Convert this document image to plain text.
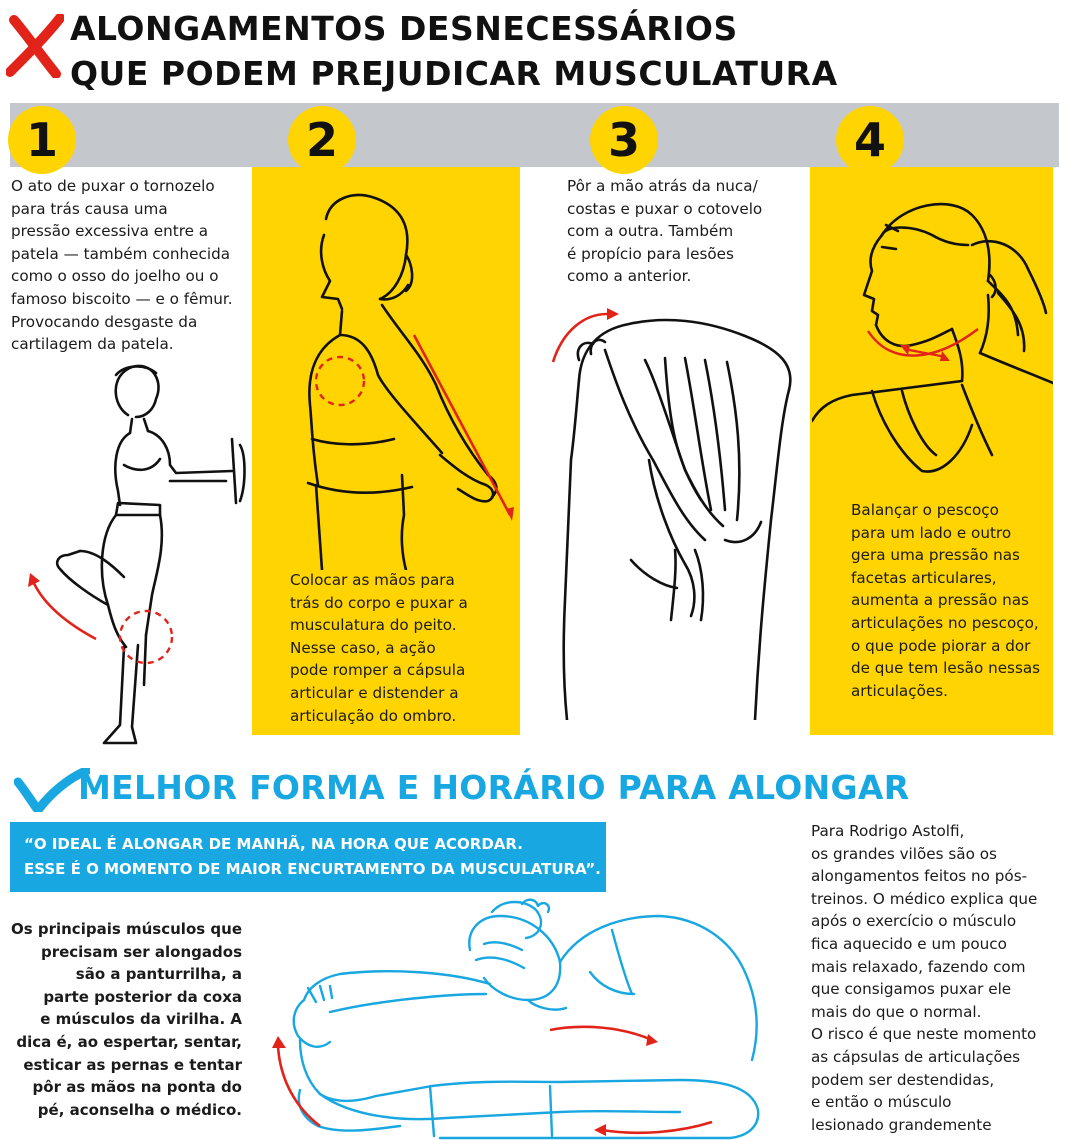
ALONGAMENTOS DESNECESSÁRIOS
QUE PODEM PREJUDICAR MUSCULATURA
1	2	3	4
O ato de puxar o tornozelo
para trás causa uma
pressão excessiva entre a
patela — também conhecida
como o osso do joelho ou o
famoso biscoito — e o fêmur.
Provocando desgaste da
cartilagem da patela.
Colocar as mãos para
trás do corpo e puxar a
musculatura do peito.
Nesse caso, a ação
pode romper a cápsula
articular e distender a
articulação do ombro.
Pôr a mão atrás da nuca/
costas e puxar o cotovelo
com a outra. Também
é propício para lesões
como a anterior.
Balançar o pescoço
para um lado e outro
gera uma pressão nas
facetas articulares,
aumenta a pressão nas
articulações no pescoço,
o que pode piorar a dor
de que tem lesão nessas
articulações.
MELHOR FORMA E HORÁRIO PARA ALONGAR
“O IDEAL É ALONGAR DE MANHÃ, NA HORA QUE ACORDAR.
ESSE É O MOMENTO DE MAIOR ENCURTAMENTO DA MUSCULATURA”.
Os principais músculos que
precisam ser alongados
são a panturrilha, a
parte posterior da coxa
e músculos da virilha. A
dica é, ao espertar, sentar,
esticar as pernas e tentar
pôr as mãos na ponta do
pé, aconselha o médico.
Para Rodrigo Astolfi,
os grandes vilões são os
alongamentos feitos no pós-
treinos. O médico explica que
após o exercício o músculo
fica aquecido e um pouco
mais relaxado, fazendo com
que consigamos puxar ele
mais do que o normal.
O risco é que neste momento
as cápsulas de articulações
podem ser destendidas,
e então o músculo
lesionado grandemente
